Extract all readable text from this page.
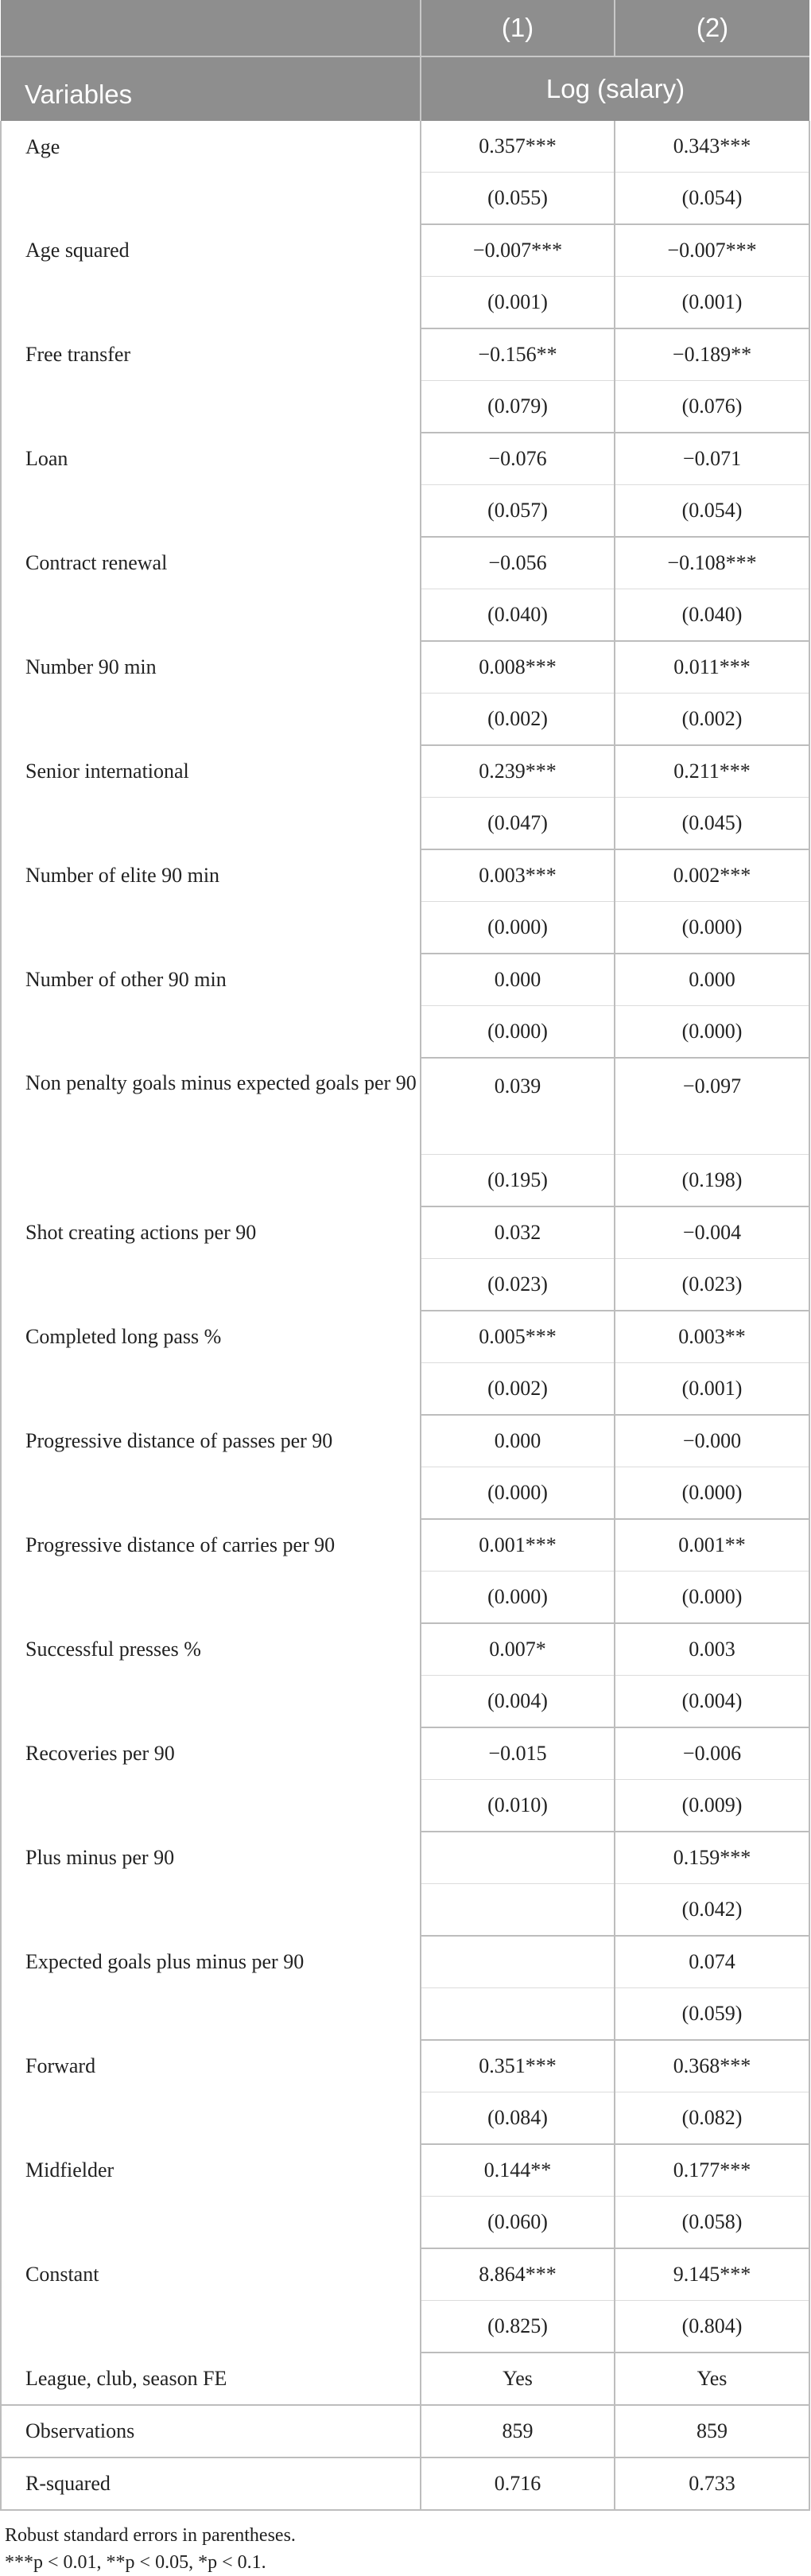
	(1)	(2)
Variables	Log (salary)	
Age	0.357***	0.343***
	(0.055)	(0.054)
Age squared	−0.007***	−0.007***
	(0.001)	(0.001)
Free transfer	−0.156**	−0.189**
	(0.079)	(0.076)
Loan	−0.076	−0.071
	(0.057)	(0.054)
Contract renewal	−0.056	−0.108***
	(0.040)	(0.040)
Number 90 min	0.008***	0.011***
	(0.002)	(0.002)
Senior international	0.239***	0.211***
	(0.047)	(0.045)
Number of elite 90 min	0.003***	0.002***
	(0.000)	(0.000)
Number of other 90 min	0.000	0.000
	(0.000)	(0.000)
Non penalty goals minus expected goals per 90	0.039	−0.097
	(0.195)	(0.198)
Shot creating actions per 90	0.032	−0.004
	(0.023)	(0.023)
Completed long pass %	0.005***	0.003**
	(0.002)	(0.001)
Progressive distance of passes per 90	0.000	−0.000
	(0.000)	(0.000)
Progressive distance of carries per 90	0.001***	0.001**
	(0.000)	(0.000)
Successful presses %	0.007*	0.003
	(0.004)	(0.004)
Recoveries per 90	−0.015	−0.006
	(0.010)	(0.009)
Plus minus per 90		0.159***
		(0.042)
Expected goals plus minus per 90		0.074
		(0.059)
Forward	0.351***	0.368***
	(0.084)	(0.082)
Midfielder	0.144**	0.177***
	(0.060)	(0.058)
Constant	8.864***	9.145***
	(0.825)	(0.804)
League, club, season FE	Yes	Yes
Observations	859	859
R-squared	0.716	0.733
Robust standard errors in parentheses.
***p < 0.01, **p < 0.05, *p < 0.1.
